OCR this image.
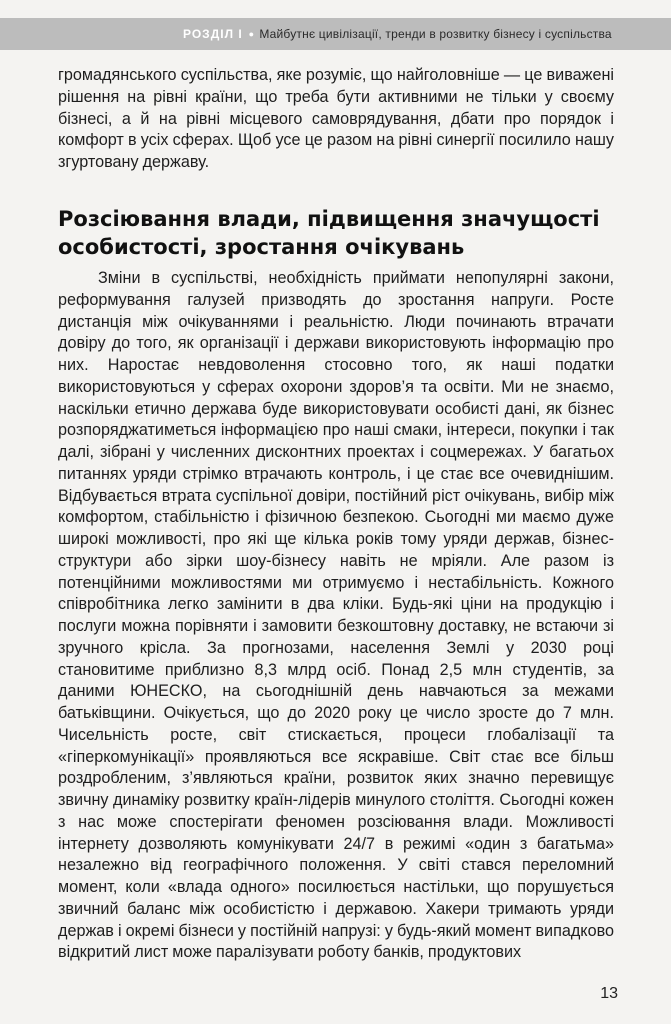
РОЗДІЛ І ● Майбутнє цивілізації, тренди в розвитку бізнесу і суспільства

громадянського суспільства, яке розуміє, що найголовніше — це виважені рішення на рівні країни, що треба бути активними не тільки у своєму бізнесі, а й на рівні місцевого самоврядування, дбати про порядок і комфорт в усіх сферах. Щоб усе це разом на рівні синергії посилило нашу згуртовану державу.

Розсіювання влади, підвищення значущості особистості, зростання очікувань

Зміни в суспільстві, необхідність приймати непопулярні закони, реформування галузей призводять до зростання напруги. Росте дистанція між очікуваннями і реальністю. Люди починають втрачати довіру до того, як організації і держави використовують інформацію про них. Наростає невдоволення стосовно того, як наші податки використовуються у сферах охорони здоров’я та освіти. Ми не знаємо, наскільки етично держава буде використовувати особисті дані, як бізнес розпоряджатиметься інформацією про наші смаки, інтереси, покупки і так далі, зібрані у численних дисконтних проектах і соцмережах. У багатьох питаннях уряди стрімко втрачають контроль, і це стає все очевиднішим. Відбувається втрата суспільної довіри, постійний ріст очікувань, вибір між комфортом, стабільністю і фізичною безпекою. Сьогодні ми маємо дуже широкі можливості, про які ще кілька років тому уряди держав, бізнес-структури або зірки шоу-бізнесу навіть не мріяли. Але разом із потенційними можливостями ми отримуємо і нестабільність. Кожного співробітника легко замінити в два кліки. Будь-які ціни на продукцію і послуги можна порівняти і замовити безкоштовну доставку, не встаючи зі зручного крісла. За прогнозами, населення Землі у 2030 році становитиме приблизно 8,3 млрд осіб. Понад 2,5 млн студентів, за даними ЮНЕСКО, на сьогоднішній день навчаються за межами батьківщини. Очікується, що до 2020 року це число зросте до 7 млн. Чисельність росте, світ стискається, процеси глобалізації та «гіперкомунікації» проявляються все яскравіше. Світ стає все більш роздробленим, з’являються країни, розвиток яких значно перевищує звичну динаміку розвитку країн-лідерів минулого століття. Сьогодні кожен з нас може спостерігати феномен розсіювання влади. Можливості інтернету дозволяють комунікувати 24/7 в режимі «один з багатьма» незалежно від географічного положення. У світі стався переломний момент, коли «влада одного» посилюється настільки, що порушується звичний баланс між особистістю і державою. Хакери тримають уряди держав і окремі бізнеси у постійній напрузі: у будь-який момент випадково відкритий лист може паралізувати роботу банків, продуктових

13
